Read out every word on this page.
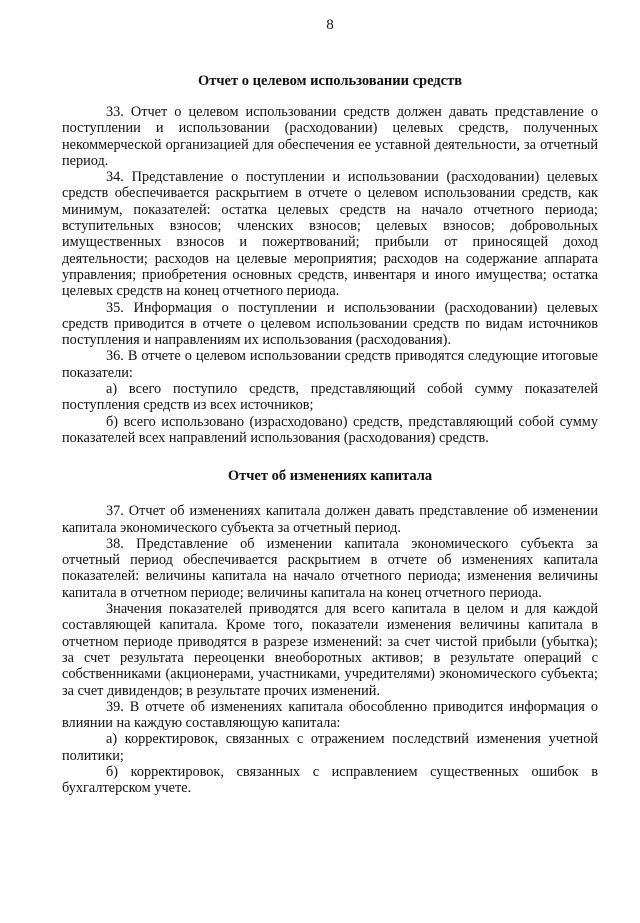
8
Отчет о целевом использовании средств

33. Отчет о целевом использовании средств должен давать представление о поступлении и использовании (расходовании) целевых средств, полученных некоммерческой организацией для обеспечения ее уставной деятельности, за отчетный период.

34. Представление о поступлении и использовании (расходовании) целевых средств обеспечивается раскрытием в отчете о целевом использовании средств, как минимум, показателей: остатка целевых средств на начало отчетного периода; вступительных взносов; членских взносов; целевых взносов; добровольных имущественных взносов и пожертвований; прибыли от приносящей доход деятельности; расходов на целевые мероприятия; расходов на содержание аппарата управления; приобретения основных средств, инвентаря и иного имущества; остатка целевых средств на конец отчетного периода.

35. Информация о поступлении и использовании (расходовании) целевых средств приводится в отчете о целевом использовании средств по видам источников поступления и направлениям их использования (расходования).

36. В отчете о целевом использовании средств приводятся следующие итоговые показатели:

а) всего поступило средств, представляющий собой сумму показателей поступления средств из всех источников;

б) всего использовано (израсходовано) средств, представляющий собой сумму показателей всех направлений использования (расходования) средств.

Отчет об изменениях капитала

37. Отчет об изменениях капитала должен давать представление об изменении капитала экономического субъекта за отчетный период.

38. Представление об изменении капитала экономического субъекта за отчетный период обеспечивается раскрытием в отчете об изменениях капитала показателей: величины капитала на начало отчетного периода; изменения величины капитала в отчетном периоде; величины капитала на конец отчетного периода.

Значения показателей приводятся для всего капитала в целом и для каждой составляющей капитала. Кроме того, показатели изменения величины капитала в отчетном периоде приводятся в разрезе изменений: за счет чистой прибыли (убытка); за счет результата переоценки внеоборотных активов; в результате операций с собственниками (акционерами, участниками, учредителями) экономического субъекта; за счет дивидендов; в результате прочих изменений.

39. В отчете об изменениях капитала обособленно приводится информация о влиянии на каждую составляющую капитала:

а) корректировок, связанных с отражением последствий изменения учетной политики;

б) корректировок, связанных с исправлением существенных ошибок в бухгалтерском учете.
